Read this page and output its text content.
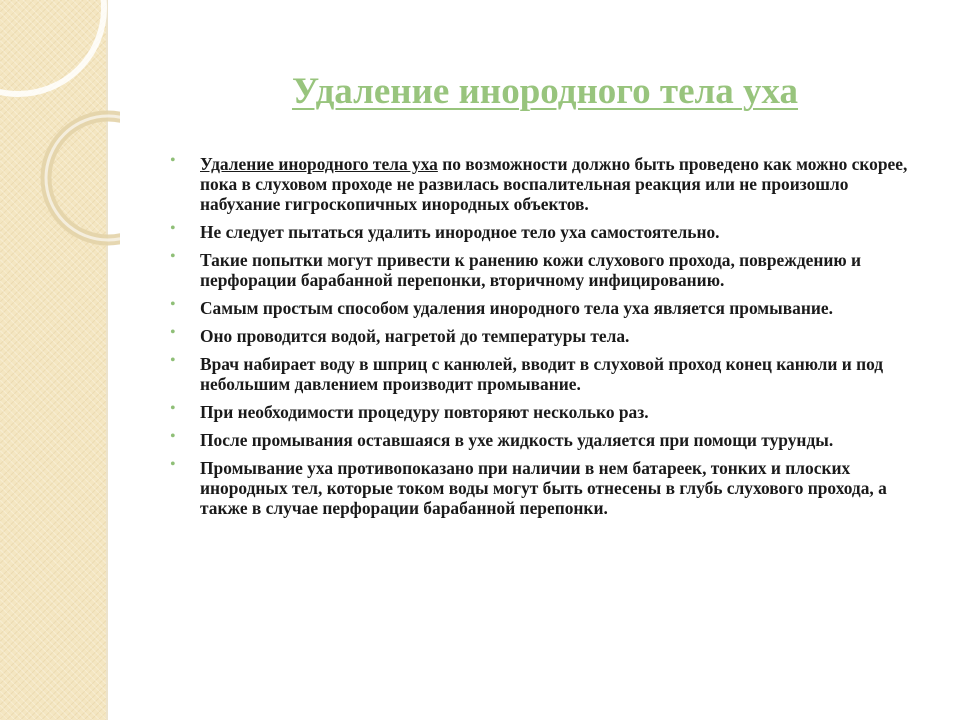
Удаление инородного тела уха
• Удаление инородного тела уха по возможности должно быть проведено как можно скорее, пока в слуховом проходе не развилась воспалительная реакция или не произошло набухание гигроскопичных инородных объектов.
• Не следует пытаться удалить инородное тело уха самостоятельно.
• Такие попытки могут привести к ранению кожи слухового прохода, повреждению и перфорации барабанной перепонки, вторичному инфицированию.
• Самым простым способом удаления инородного тела уха является промывание.
• Оно проводится водой, нагретой до температуры тела.
• Врач набирает воду в шприц с канюлей, вводит в слуховой проход конец канюли и под небольшим давлением производит промывание.
• При необходимости процедуру повторяют несколько раз.
• После промывания оставшаяся в ухе жидкость удаляется при помощи турунды.
• Промывание уха противопоказано при наличии в нем батареек, тонких и плоских инородных тел, которые током воды могут быть отнесены в глубь слухового прохода, а также в случае перфорации барабанной перепонки.
